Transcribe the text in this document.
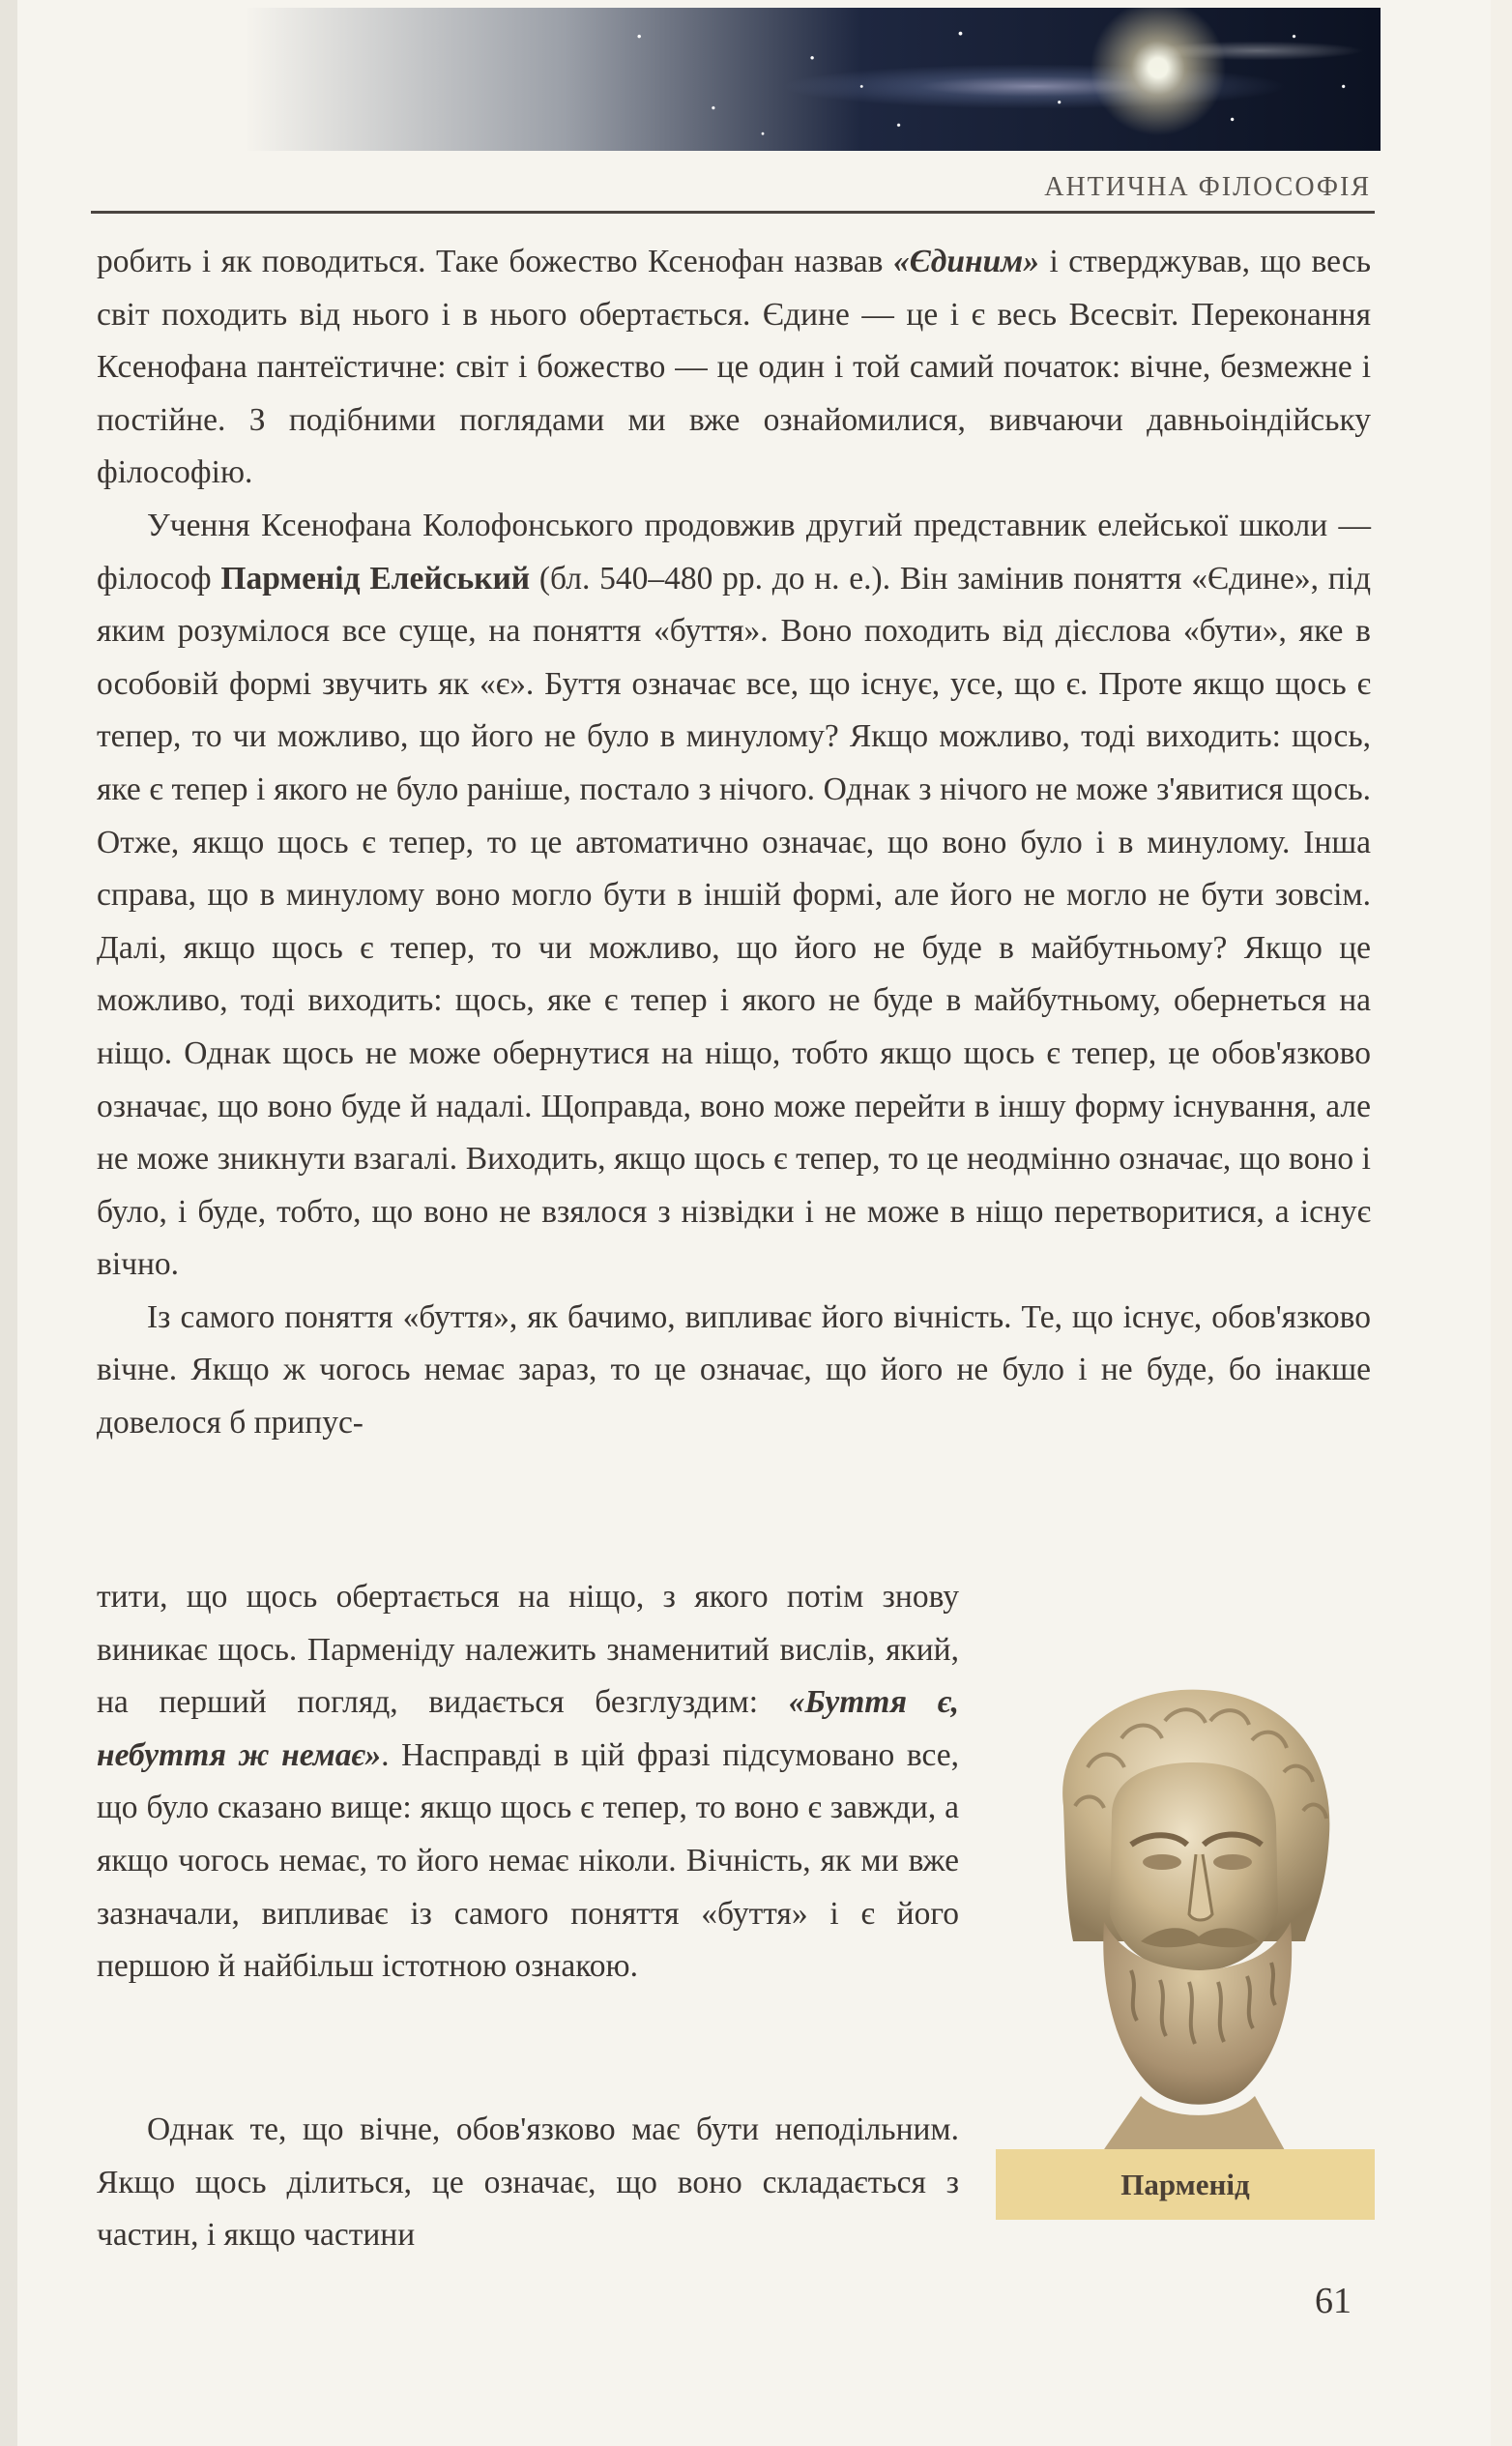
АНТИЧНА ФІЛОСОФІЯ

робить і як поводиться. Таке божество Ксенофан назвав «Єдиним» і стверджував, що весь світ походить від нього і в нього обертається. Єдине — це і є весь Всесвіт. Переконання Ксенофана пантеїстичне: світ і божество — це один і той самий початок: вічне, безмежне і постійне. З подібними поглядами ми вже ознайомилися, вивчаючи давньоіндійську філософію.

Учення Ксенофана Колофонського продовжив другий представник елейської школи — філософ Парменід Елейський (бл. 540–480 рр. до н. е.). Він замінив поняття «Єдине», під яким розумілося все суще, на поняття «буття». Воно походить від дієслова «бути», яке в особовій формі звучить як «є». Буття означає все, що існує, усе, що є. Проте якщо щось є тепер, то чи можливо, що його не було в минулому? Якщо можливо, тоді виходить: щось, яке є тепер і якого не було раніше, постало з нічого. Однак з нічого не може з'явитися щось. Отже, якщо щось є тепер, то це автоматично означає, що воно було і в минулому. Інша справа, що в минулому воно могло бути в іншій формі, але його не могло не бути зовсім. Далі, якщо щось є тепер, то чи можливо, що його не буде в майбутньому? Якщо це можливо, тоді виходить: щось, яке є тепер і якого не буде в майбутньому, обернеться на ніщо. Однак щось не може обернутися на ніщо, тобто якщо щось є тепер, це обов'язково означає, що воно буде й надалі. Щоправда, воно може перейти в іншу форму існування, але не може зникнути взагалі. Виходить, якщо щось є тепер, то це неодмінно означає, що воно і було, і буде, тобто, що воно не взялося з нізвідки і не може в ніщо перетворитися, а існує вічно.

Із самого поняття «буття», як бачимо, випливає його вічність. Те, що існує, обов'язково вічне. Якщо ж чогось немає зараз, то це означає, що його не було і не буде, бо інакше довелося б припус-

тити, що щось обертається на ніщо, з якого потім знову виникає щось. Парменіду належить знаменитий вислів, який, на перший погляд, видається безглуздим: «Буття є, небуття ж немає». Насправді в цій фразі підсумовано все, що було сказано вище: якщо щось є тепер, то воно є завжди, а якщо чогось немає, то його немає ніколи. Вічність, як ми вже зазначали, випливає із самого поняття «буття» і є його першою й найбільш істотною ознакою.

Однак те, що вічне, обов'язково має бути неподільним. Якщо щось ділиться, це означає, що воно складається з частин, і якщо частини

Парменід
61
